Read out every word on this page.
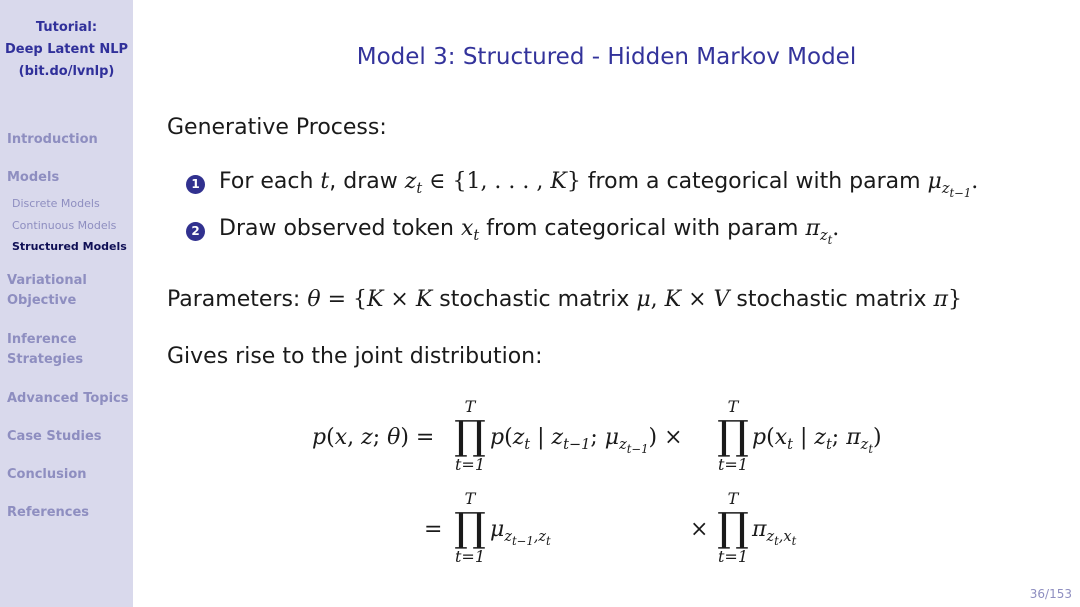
Tutorial:
Deep Latent NLP
(bit.do/lvnlp)
Introduction
Models
Discrete Models
Continuous Models
Structured Models
Variational
Objective
Inference
Strategies
Advanced Topics
Case Studies
Conclusion
References
Model 3: Structured - Hidden Markov Model
Generative Process:
1 For each t, draw $z_t$ ∈ {1, . . . , K} from a categorical with param $\mu_{z_{t-1}}$.
2 Draw observed token $x_t$ from categorical with param $\pi_{z_t}$.
Parameters: θ = {K × K stochastic matrix μ, K × V stochastic matrix π}
Gives rise to the joint distribution:
p(x, z; θ) =
T
∏
t=1
$p(z_t$ | $z_{t-1}$; $\mu_{z_{t-1}}$) ×
T
∏
t=1
$p(x_t$ | $z_t$; $\pi_{z_t}$)
=
T
∏
t=1
$\mu_{z_{t-1},z_t}$	×
T
∏
t=1
$\pi_{z_t,x_t}$
36/153
